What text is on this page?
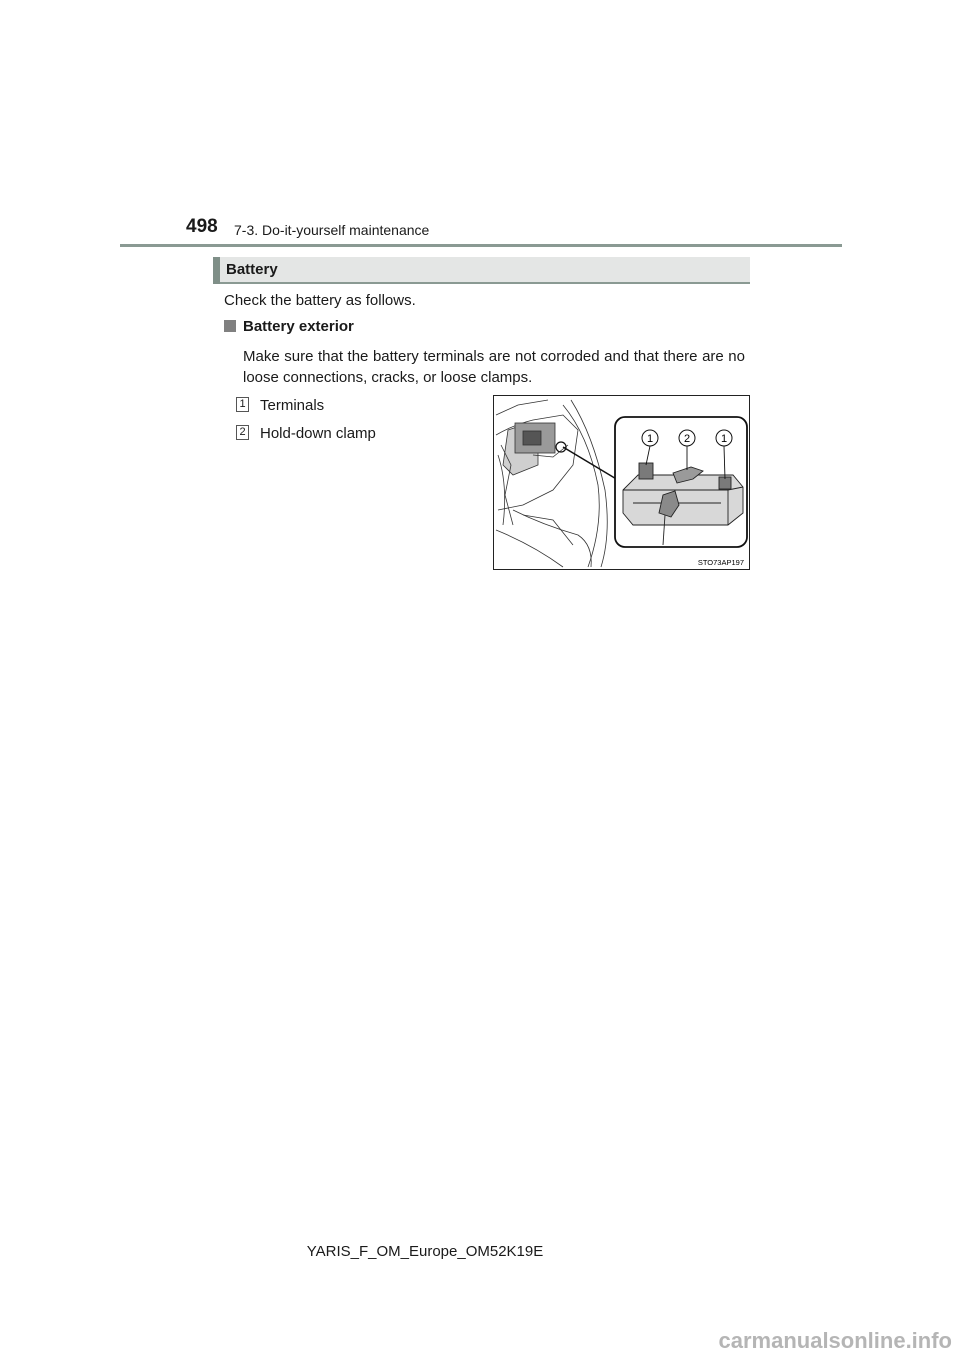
498 7-3. Do-it-yourself maintenance
Battery
Check the battery as follows.
Battery exterior
Make sure that the battery terminals are not corroded and that there are no loose connections, cracks, or loose clamps.
1 Terminals
2 Hold-down clamp	1	2	1
STO73AP197
YARIS_F_OM_Europe_OM52K19E
carmanualsonline.info
